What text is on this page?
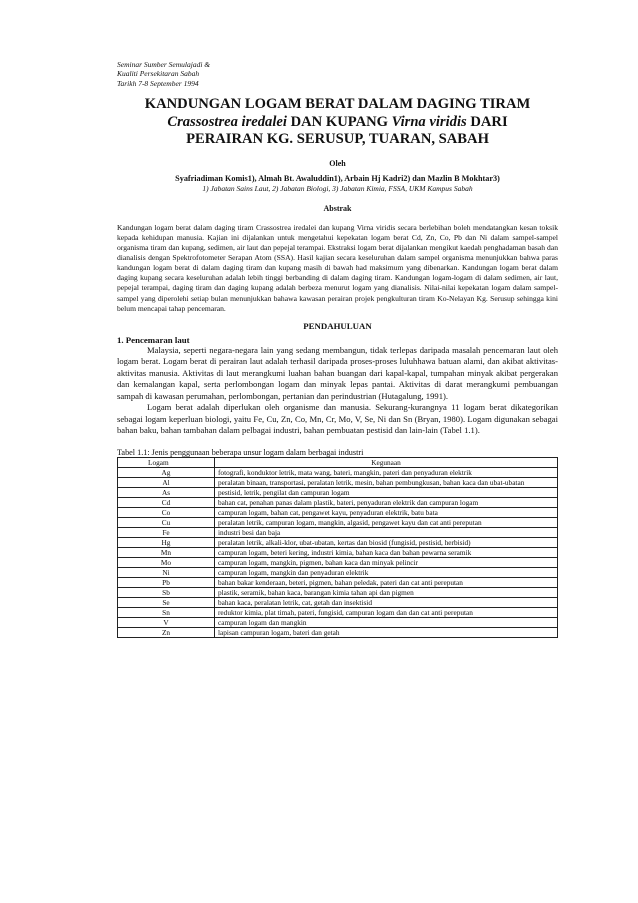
Seminar Sumber Semulajadi &
Kualiti Persekitaran Sabah
Tarikh 7-8 September 1994
KANDUNGAN LOGAM BERAT DALAM DAGING TIRAM
Crassostrea iredalei DAN KUPANG Virna viridis DARI
PERAIRAN KG. SERUSUP, TUARAN, SABAH
Oleh
Syafriadiman Komis1), Almah Bt. Awaluddin1), Arbain Hj Kadri2) dan Mazlin B Mokhtar3)
1) Jabatan Sains Laut, 2) Jabatan Biologi, 3) Jabatan Kimia, FSSA, UKM Kampus Sabah
Abstrak
Kandungan logam berat dalam daging tiram Crassostrea iredalei dan kupang Virna viridis secara berlebihan boleh mendatangkan kesan toksik kepada kehidupan manusia. Kajian ini dijalankan untuk mengetahui kepekatan logam berat Cd, Zn, Co, Pb dan Ni dalam sampel-sampel organisma tiram dan kupang, sedimen, air laut dan pepejal terampai. Ekstraksi logam berat dijalankan mengikut kaedah penghadaman basah dan dianalisis dengan Spektrofotometer Serapan Atom (SSA). Hasil kajian secara keseluruhan dalam sampel organisma menunjukkan bahwa paras kandungan logam berat di dalam daging tiram dan kupang masih di bawah had maksimum yang dibenarkan. Kandungan logam berat dalam daging kupang secara keseluruhan adalah lebih tinggi berbanding di dalam daging tiram. Kandungan logam-logam di dalam sedimen, air laut, pepejal terampai, daging tiram dan daging kupang adalah berbeza menurut logam yang dianalisis. Nilai-nilai kepekatan logam dalam sampel-sampel yang diperolehi setiap bulan menunjukkan bahawa kawasan perairan projek pengkulturan tiram Ko-Nelayan Kg. Serusup sehingga kini belum mencapai tahap pencemaran.
PENDAHULUAN
1. Pencemaran laut

Malaysia, seperti negara-negara lain yang sedang membangun, tidak terlepas daripada masalah pencemaran laut oleh logam berat. Logam berat di perairan laut adalah terhasil daripada proses-proses luluhhawa batuan alami, dan akibat aktivitas-aktivitas manusia. Aktivitas di laut merangkumi luahan bahan buangan dari kapal-kapal, tumpahan minyak akibat pergerakan dan kemalangan kapal, serta perlombongan logam dan minyak lepas pantai. Aktivitas di darat merangkumi pembuangan sampah di kawasan perumahan, perlombongan, pertanian dan perindustrian (Hutagalung, 1991).

Logam berat adalah diperlukan oleh organisme dan manusia. Sekurang-kurangnya 11 logam berat dikategorikan sebagai logam keperluan biologi, yaitu Fe, Cu, Zn, Co, Mn, Cr, Mo, V, Se, Ni dan Sn (Bryan, 1980). Logam digunakan sebagai bahan baku, bahan tambahan dalam pelbagai industri, bahan pembuatan pestisid dan lain-lain (Tabel 1.1).

Tabel 1.1: Jenis penggunaan beberapa unsur logam dalam berbagai industri
Logam	Kegunaan
Ag	fotografi, konduktor letrik, mata wang, bateri, mangkin, pateri dan penyaduran elektrik
Al	peralatan binaan, transportasi, peralatan letrik, mesin, bahan pembungkusan, bahan kaca dan ubat-ubatan
As	pestisid, letrik, pengilat dan campuran logam
Cd	bahan cat, penahan panas dalam plastik, bateri, penyaduran elektrik dan campuran logam
Co	campuran logam, bahan cat, pengawet kayu, penyaduran elektrik, batu bata
Cu	peralatan letrik, campuran logam, mangkin, algasid, pengawet kayu dan cat anti pereputan
Fe	industri besi dan baja
Hg	peralatan letrik, alkali-klor, ubat-ubatan, kertas dan biosid (fungisid, pestisid, herbisid)
Mn	campuran logam, beteri kering, industri kimia, bahan kaca dan bahan pewarna seramik
Mo	campuran logam, mangkin, pigmen, bahan kaca dan minyak pelincir
Ni	campuran logam, mangkin dan penyaduran elektrik
Pb	bahan bakar kenderaan, beteri, pigmen, bahan peledak, pateri dan cat anti pereputan
Sb	plastik, seramik, bahan kaca, barangan kimia tahan api dan pigmen
Se	bahan kaca, peralatan letrik, cat, getah dan insektisid
Sn	reduktor kimia, plat timah, pateri, fungisid, campuran logam dan dan cat anti pereputan
V	campuran logam dan mangkin
Zn	lapisan campuran logam, bateri dan getah
